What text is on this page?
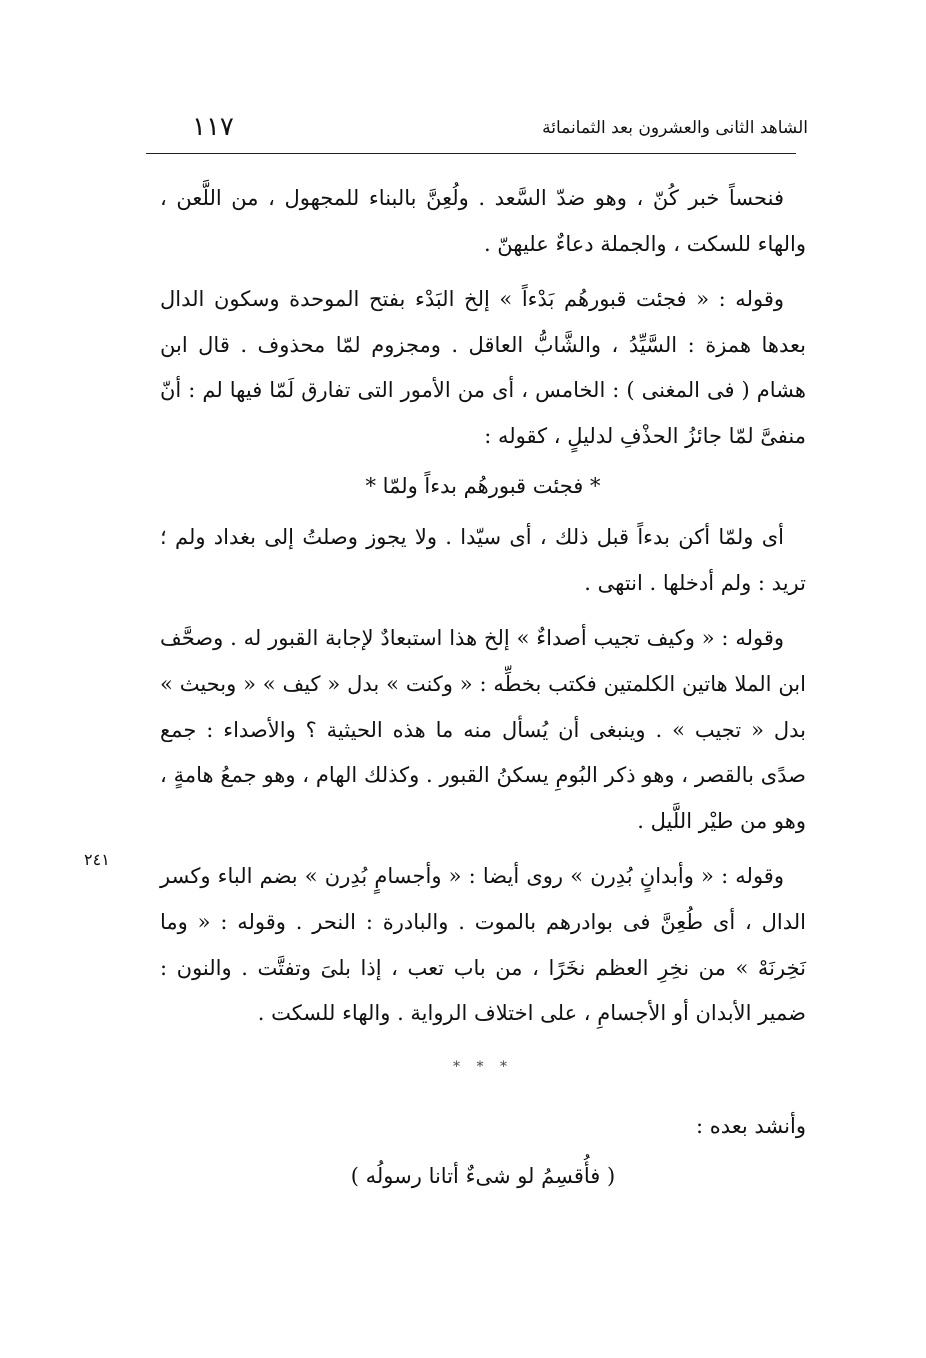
الشاهد الثانى والعشرون بعد الثمانمائة
١١٧
٢٤١

فنحساً خبر كُنّ ، وهو ضدّ السَّعد . ولُعِنَّ بالبناء للمجهول ، من اللَّعن ، والهاء للسكت ، والجملة دعاءٌ عليهنّ .

وقوله : « فجئت قبورهُم بَدْءاً » إلخ البَدْء بفتح الموحدة وسكون الدال بعدها همزة : السَّيِّدُ ، والشَّابُّ العاقل . ومجزوم لمّا محذوف . قال ابن هشام ( فى المغنى ) : الخامس ، أى من الأمور التى تفارق لَمّا فيها لم : أنّ منفىَّ لمّا جائزُ الحذْفِ لدليلٍ ، كقوله :

* فجئت قبورهُم بدءاً ولمّا *

أى ولمّا أكن بدءاً قبل ذلك ، أى سيّدا . ولا يجوز وصلتُ إلى بغداد ولم ؛ تريد : ولم أدخلها . انتهى .

وقوله : « وكيف تجيب أصداءٌ » إلخ هذا استبعادٌ لإجابة القبور له . وصحَّف ابن الملا هاتين الكلمتين فكتب بخطِّه : « وكنت » بدل « كيف » « وبحيث » بدل « تجيب » . وينبغى أن يُسأل منه ما هذه الحيثية ؟ والأصداء : جمع صدًى بالقصر ، وهو ذكر البُومِ يسكنُ القبور . وكذلك الهام ، وهو جمعُ هامةٍ ، وهو من طيْر اللَّيل .

وقوله : « وأبدانٍ بُدِرن » روى أيضا : « وأجسامٍ بُدِرن » بضم الباء وكسر الدال ، أى طُعِنَّ فى بوادرهم بالموت . والبادرة : النحر . وقوله : « وما نَخِرنَهْ » من نخِرِ العظم نخَرًا ، من باب تعب ، إذا بلىَ وتفتَّت . والنون : ضمير الأبدان أو الأجسامِ ، على اختلاف الرواية . والهاء للسكت .

* * *

وأنشد بعده :

( فأُقسِمُ لو شىءٌ أتانا رسولُه )
